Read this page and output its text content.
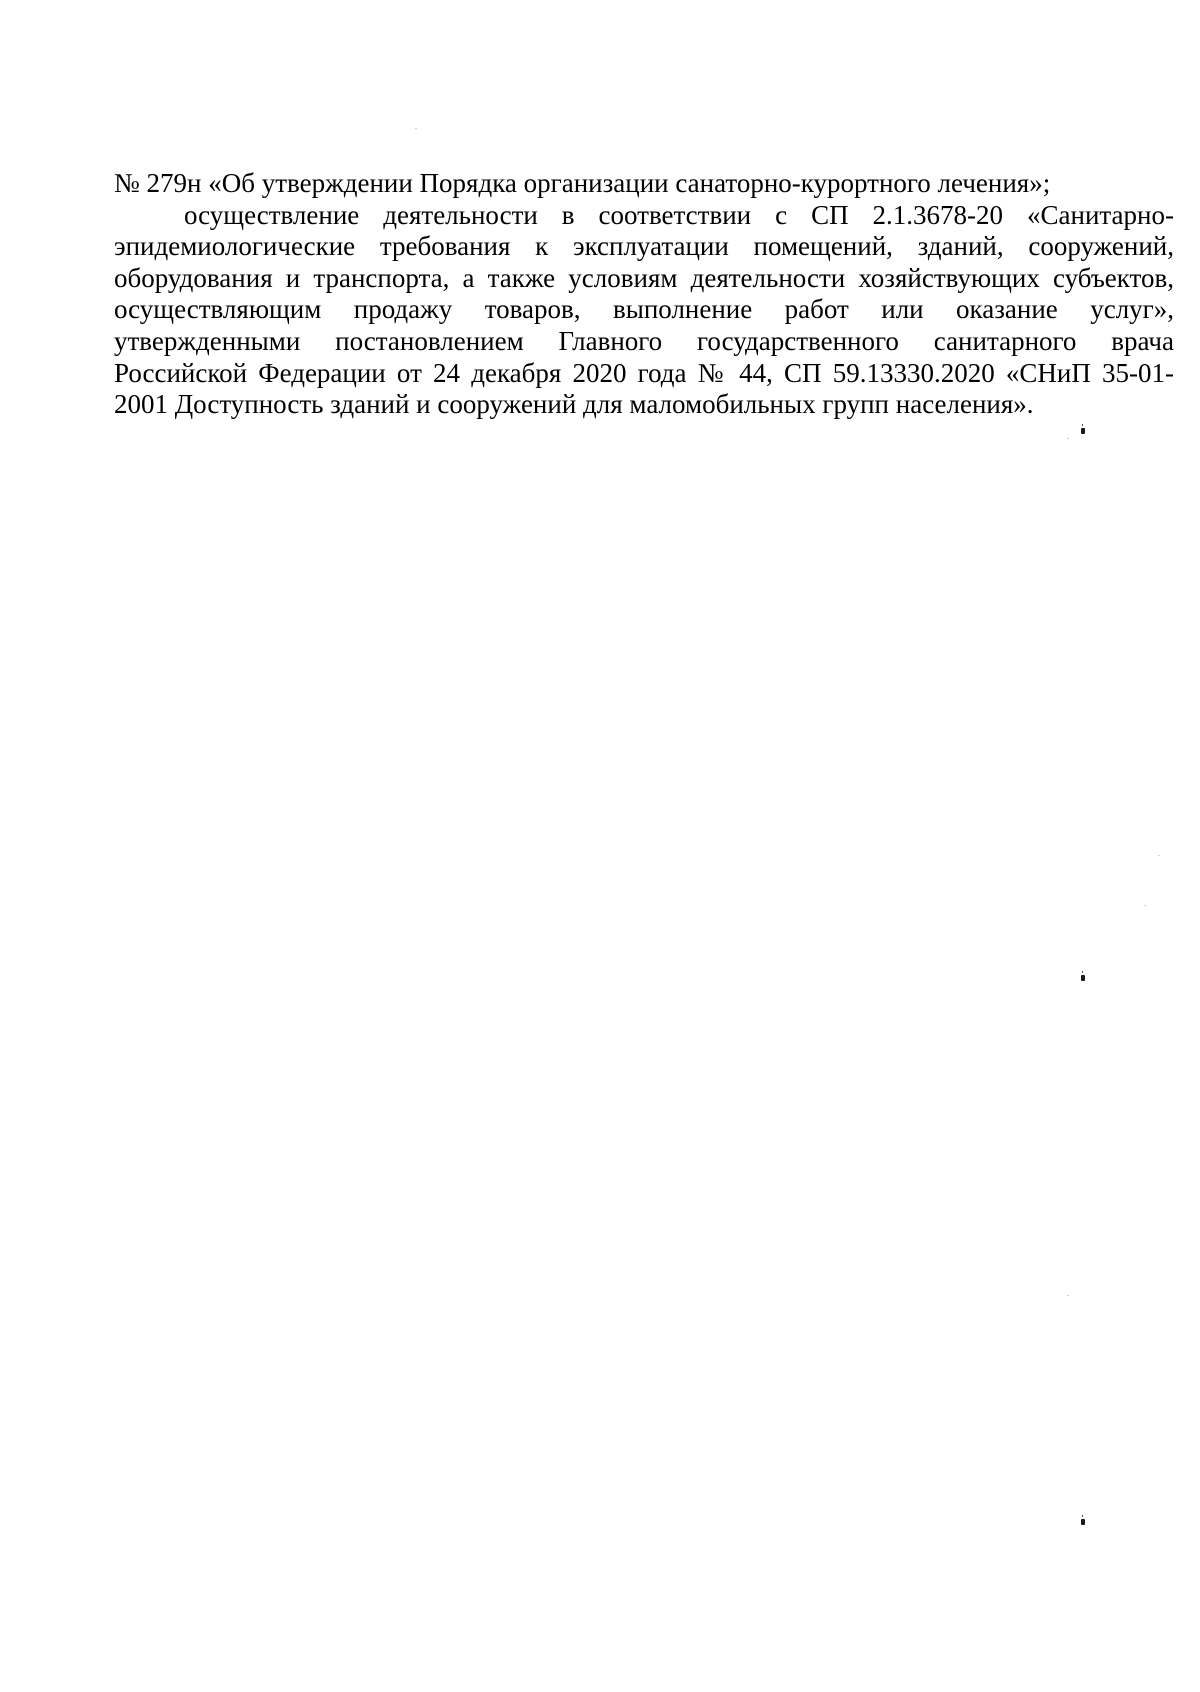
№ 279н «Об утверждении Порядка организации санаторно-курортного лечения»;
осуществление деятельности в соответствии с СП 2.1.3678-20 «Санитарно-
эпидемиологические требования к эксплуатации помещений, зданий, сооружений,
оборудования и транспорта, а также условиям деятельности хозяйствующих субъектов,
осуществляющим продажу товаров, выполнение работ или оказание услуг»,
утвержденными постановлением Главного государственного санитарного врача
Российской Федерации от 24 декабря 2020 года № 44, СП 59.13330.2020 «СНиП 35-01-
2001 Доступность зданий и сооружений для маломобильных групп населения».
